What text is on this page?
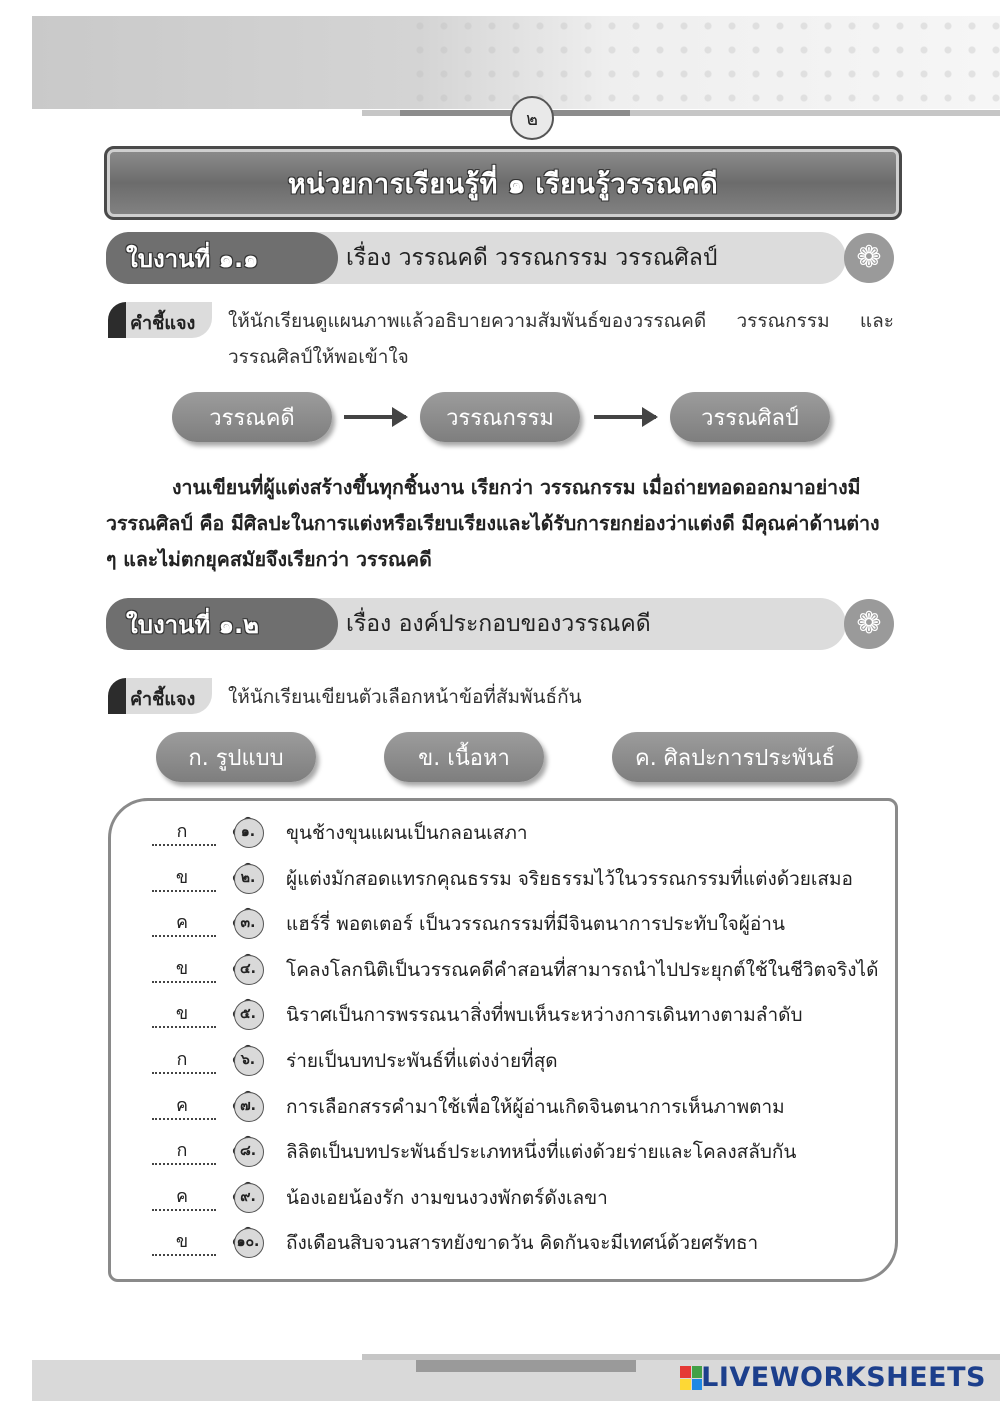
๒
หน่วยการเรียนรู้ที่ ๑ เรียนรู้วรรณคดี
ใบงานที่ ๑.๑	เรื่อง วรรณคดี วรรณกรรม วรรณศิลป์	❁
คำชี้แจง ให้นักเรียนดูแผนภาพแล้วอธิบายความสัมพันธ์ของวรรณคดี วรรณกรรม และ
วรรณศิลป์ให้พอเข้าใจ
วรรณคดี	วรรณกรรม	วรรณศิลป์
งานเขียนที่ผู้แต่งสร้างขึ้นทุกชิ้นงาน เรียกว่า วรรณกรรม เมื่อถ่ายทอดออกมาอย่างมีวรรณศิลป์ คือ มีศิลปะในการแต่งหรือเรียบเรียงและได้รับการยกย่องว่าแต่งดี มีคุณค่าด้านต่าง ๆ และไม่ตกยุคสมัยจึงเรียกว่า วรรณคดี
ใบงานที่ ๑.๒	เรื่อง องค์ประกอบของวรรณคดี	❁
คำชี้แจง ให้นักเรียนเขียนตัวเลือกหน้าข้อที่สัมพันธ์กัน
ก. รูปแบบ	ข. เนื้อหา	ค. ศิลปะการประพันธ์
ก	๑. ขุนช้างขุนแผนเป็นกลอนเสภา
ข	๒. ผู้แต่งมักสอดแทรกคุณธรรม จริยธรรมไว้ในวรรณกรรมที่แต่งด้วยเสมอ
ค	๓. แฮร์รี่ พอตเตอร์ เป็นวรรณกรรมที่มีจินตนาการประทับใจผู้อ่าน
ข	๔. โคลงโลกนิติเป็นวรรณคดีคำสอนที่สามารถนำไปประยุกต์ใช้ในชีวิตจริงได้
ข	๕. นิราศเป็นการพรรณนาสิ่งที่พบเห็นระหว่างการเดินทางตามลำดับ
ก	๖. ร่ายเป็นบทประพันธ์ที่แต่งง่ายที่สุด
ค	๗. การเลือกสรรคำมาใช้เพื่อให้ผู้อ่านเกิดจินตนาการเห็นภาพตาม
ก	๘. ลิลิตเป็นบทประพันธ์ประเภทหนึ่งที่แต่งด้วยร่ายและโคลงสลับกัน
ค	๙. น้องเอยน้องรัก งามขนงวงพักตร์ดังเลขา
ข	๑๐. ถึงเดือนสิบจวนสารทยังขาดวัน คิดกันจะมีเทศน์ด้วยศรัทธา
LIVEWORKSHEETS
